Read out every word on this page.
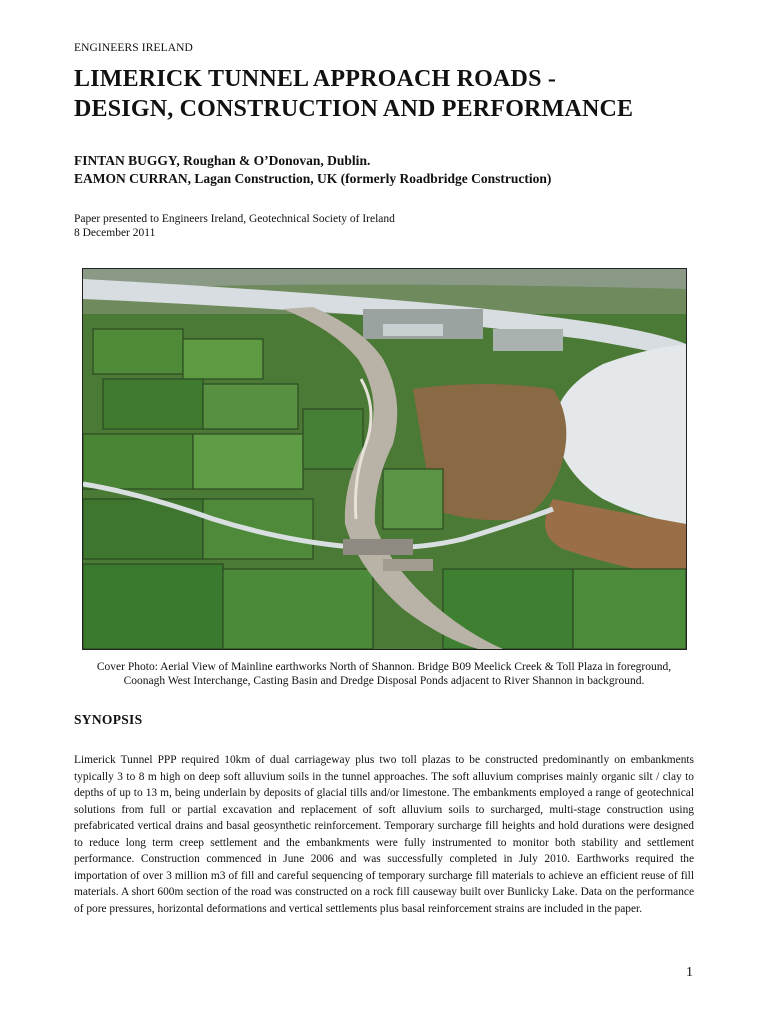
ENGINEERS IRELAND
LIMERICK TUNNEL APPROACH ROADS -
DESIGN, CONSTRUCTION AND PERFORMANCE
FINTAN BUGGY, Roughan & O’Donovan, Dublin.
EAMON CURRAN, Lagan Construction, UK (formerly Roadbridge Construction)
Paper presented to Engineers Ireland, Geotechnical Society of Ireland
8 December 2011
Cover Photo: Aerial View of Mainline earthworks North of Shannon. Bridge B09 Meelick Creek & Toll Plaza in foreground,
Coonagh West Interchange, Casting Basin and Dredge Disposal Ponds adjacent to River Shannon in background.
SYNOPSIS

Limerick Tunnel PPP required 10km of dual carriageway plus two toll plazas to be constructed predominantly on embankments typically 3 to 8 m high on deep soft alluvium soils in the tunnel approaches. The soft alluvium comprises mainly organic silt / clay to depths of up to 13 m, being underlain by deposits of glacial tills and/or limestone. The embankments employed a range of geotechnical solutions from full or partial excavation and replacement of soft alluvium soils to surcharged, multi-stage construction using prefabricated vertical drains and basal geosynthetic reinforcement. Temporary surcharge fill heights and hold durations were designed to reduce long term creep settlement and the embankments were fully instrumented to monitor both stability and settlement performance. Construction commenced in June 2006 and was successfully completed in July 2010. Earthworks required the importation of over 3 million m3 of fill and careful sequencing of temporary surcharge fill materials to achieve an efficient reuse of fill materials. A short 600m section of the road was constructed on a rock fill causeway built over Bunlicky Lake. Data on the performance of pore pressures, horizontal deformations and vertical settlements plus basal reinforcement strains are included in the paper.

1
